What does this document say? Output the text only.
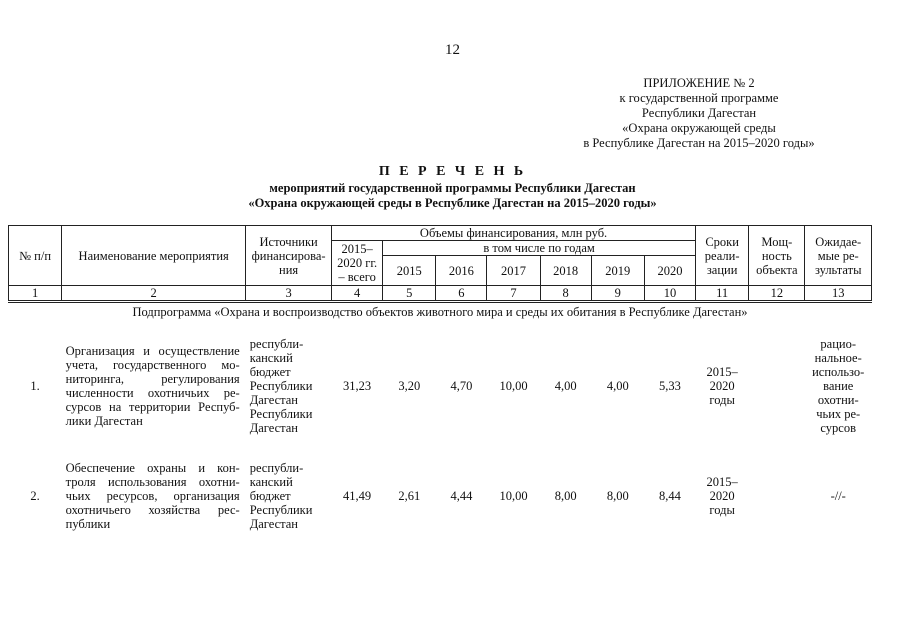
12
ПРИЛОЖЕНИЕ № 2
к государственной программе
Республики Дагестан
«Охрана окружающей среды
в Республике Дагестан на 2015–2020 годы»
П Е Р Е Ч Е Н Ь
мероприятий государственной программы Республики Дагестан
«Охрана окружающей среды в Республике Дагестан на 2015–2020 годы»
№ п/п	Наименование мероприятия	Источники финансирова-ния	Объемы финансирования, млн руб.							Сроки реали-зации	Мощ-ность объекта	Ожидае-мые ре-зультаты
			2015– 2020 гг. – всего	в том числе по годам								
				2015	2016	2017	2018	2019	2020			
1	2	3	4	5	6	7	8	9	10	11	12	13
Подпрограмма «Охрана и воспроизводство объектов животного мира и среды их обитания в Республике Дагестан»												
1.	Организация и осуществление учета, государственного мо-ниторинга, регулирования численности охотничьих ре-сурсов на территории Респуб-лики Дагестан	республи-канский бюджет Республики Дагестан Республики Дагестан	31,23	3,20	4,70	10,00	4,00	4,00	5,33	2015– 2020 годы		рацио-нальное-использо-вание охотни-чьих ре-сурсов
2.	Обеспечение охраны и кон-троля использования охотни-чьих ресурсов, организация охотничьего хозяйства рес-публики	республи-канский бюджет Республики Дагестан	41,49	2,61	4,44	10,00	8,00	8,00	8,44	2015– 2020 годы		-//-
